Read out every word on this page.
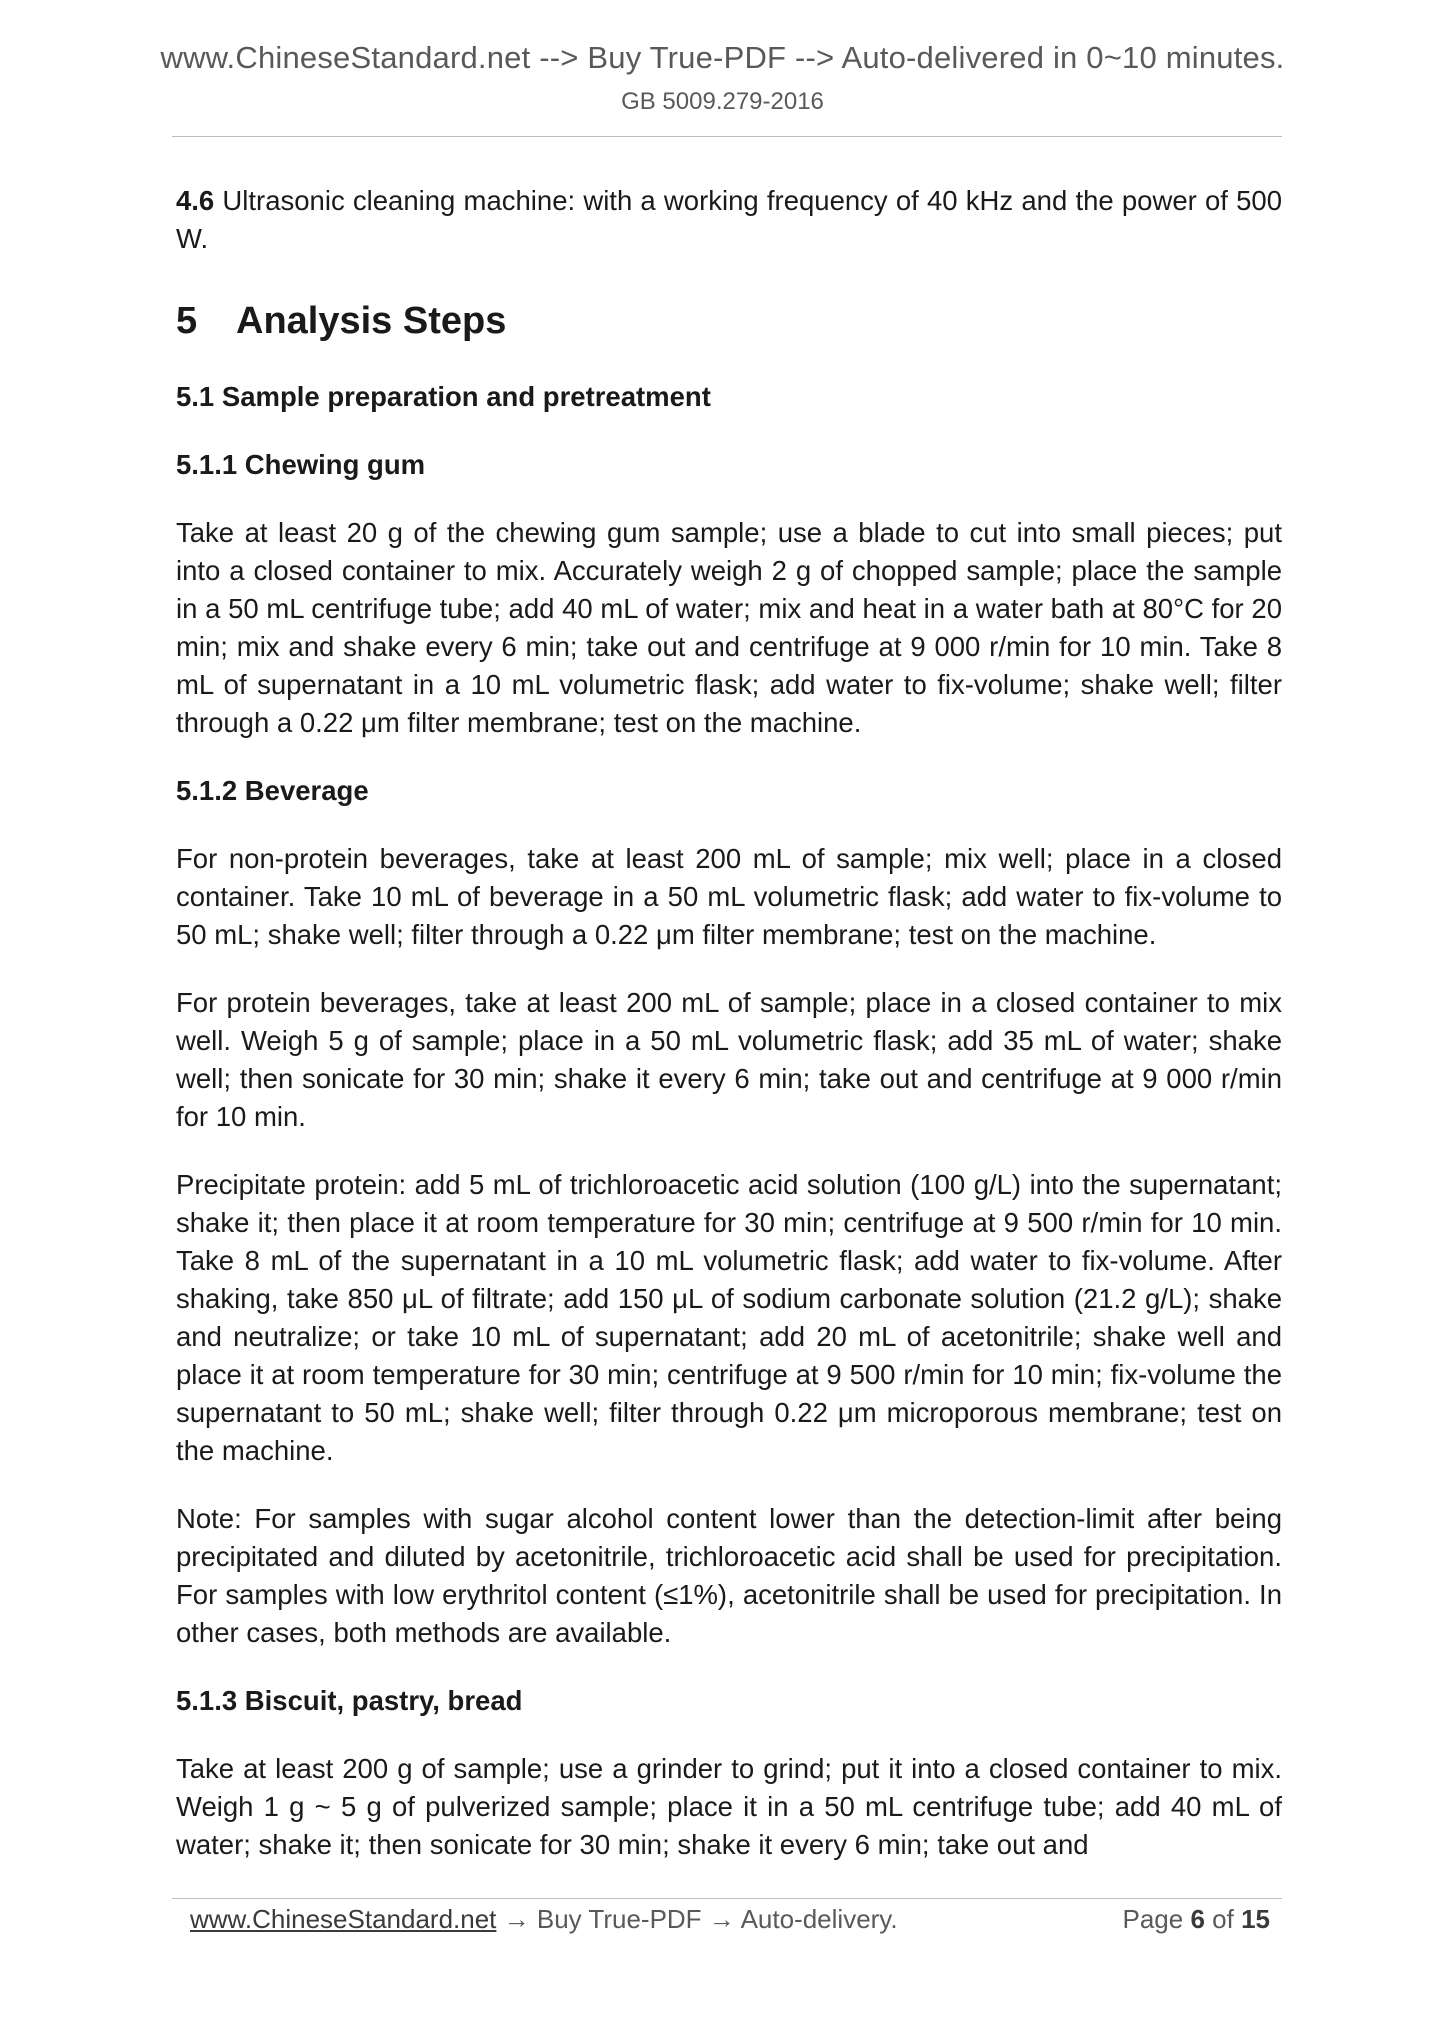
www.ChineseStandard.net --> Buy True-PDF --> Auto-delivered in 0~10 minutes.
GB 5009.279-2016

4.6 Ultrasonic cleaning machine: with a working frequency of 40 kHz and the power of 500 W.

5 Analysis Steps
5.1 Sample preparation and pretreatment
5.1.1 Chewing gum

Take at least 20 g of the chewing gum sample; use a blade to cut into small pieces; put into a closed container to mix. Accurately weigh 2 g of chopped sample; place the sample in a 50 mL centrifuge tube; add 40 mL of water; mix and heat in a water bath at 80°C for 20 min; mix and shake every 6 min; take out and centrifuge at 9 000 r/min for 10 min. Take 8 mL of supernatant in a 10 mL volumetric flask; add water to fix-volume; shake well; filter through a 0.22 μm filter membrane; test on the machine.

5.1.2 Beverage

For non-protein beverages, take at least 200 mL of sample; mix well; place in a closed container. Take 10 mL of beverage in a 50 mL volumetric flask; add water to fix-volume to 50 mL; shake well; filter through a 0.22 μm filter membrane; test on the machine.

For protein beverages, take at least 200 mL of sample; place in a closed container to mix well. Weigh 5 g of sample; place in a 50 mL volumetric flask; add 35 mL of water; shake well; then sonicate for 30 min; shake it every 6 min; take out and centrifuge at 9 000 r/min for 10 min.

Precipitate protein: add 5 mL of trichloroacetic acid solution (100 g/L) into the supernatant; shake it; then place it at room temperature for 30 min; centrifuge at 9 500 r/min for 10 min. Take 8 mL of the supernatant in a 10 mL volumetric flask; add water to fix-volume. After shaking, take 850 μL of filtrate; add 150 μL of sodium carbonate solution (21.2 g/L); shake and neutralize; or take 10 mL of supernatant; add 20 mL of acetonitrile; shake well and place it at room temperature for 30 min; centrifuge at 9 500 r/min for 10 min; fix-volume the supernatant to 50 mL; shake well; filter through 0.22 μm microporous membrane; test on the machine.

Note: For samples with sugar alcohol content lower than the detection-limit after being precipitated and diluted by acetonitrile, trichloroacetic acid shall be used for precipitation. For samples with low erythritol content (≤1%), acetonitrile shall be used for precipitation. In other cases, both methods are available.

5.1.3 Biscuit, pastry, bread

Take at least 200 g of sample; use a grinder to grind; put it into a closed container to mix. Weigh 1 g ~ 5 g of pulverized sample; place it in a 50 mL centrifuge tube; add 40 mL of water; shake it; then sonicate for 30 min; shake it every 6 min; take out and

www.ChineseStandard.net → Buy True-PDF → Auto-delivery.	Page 6 of 15
